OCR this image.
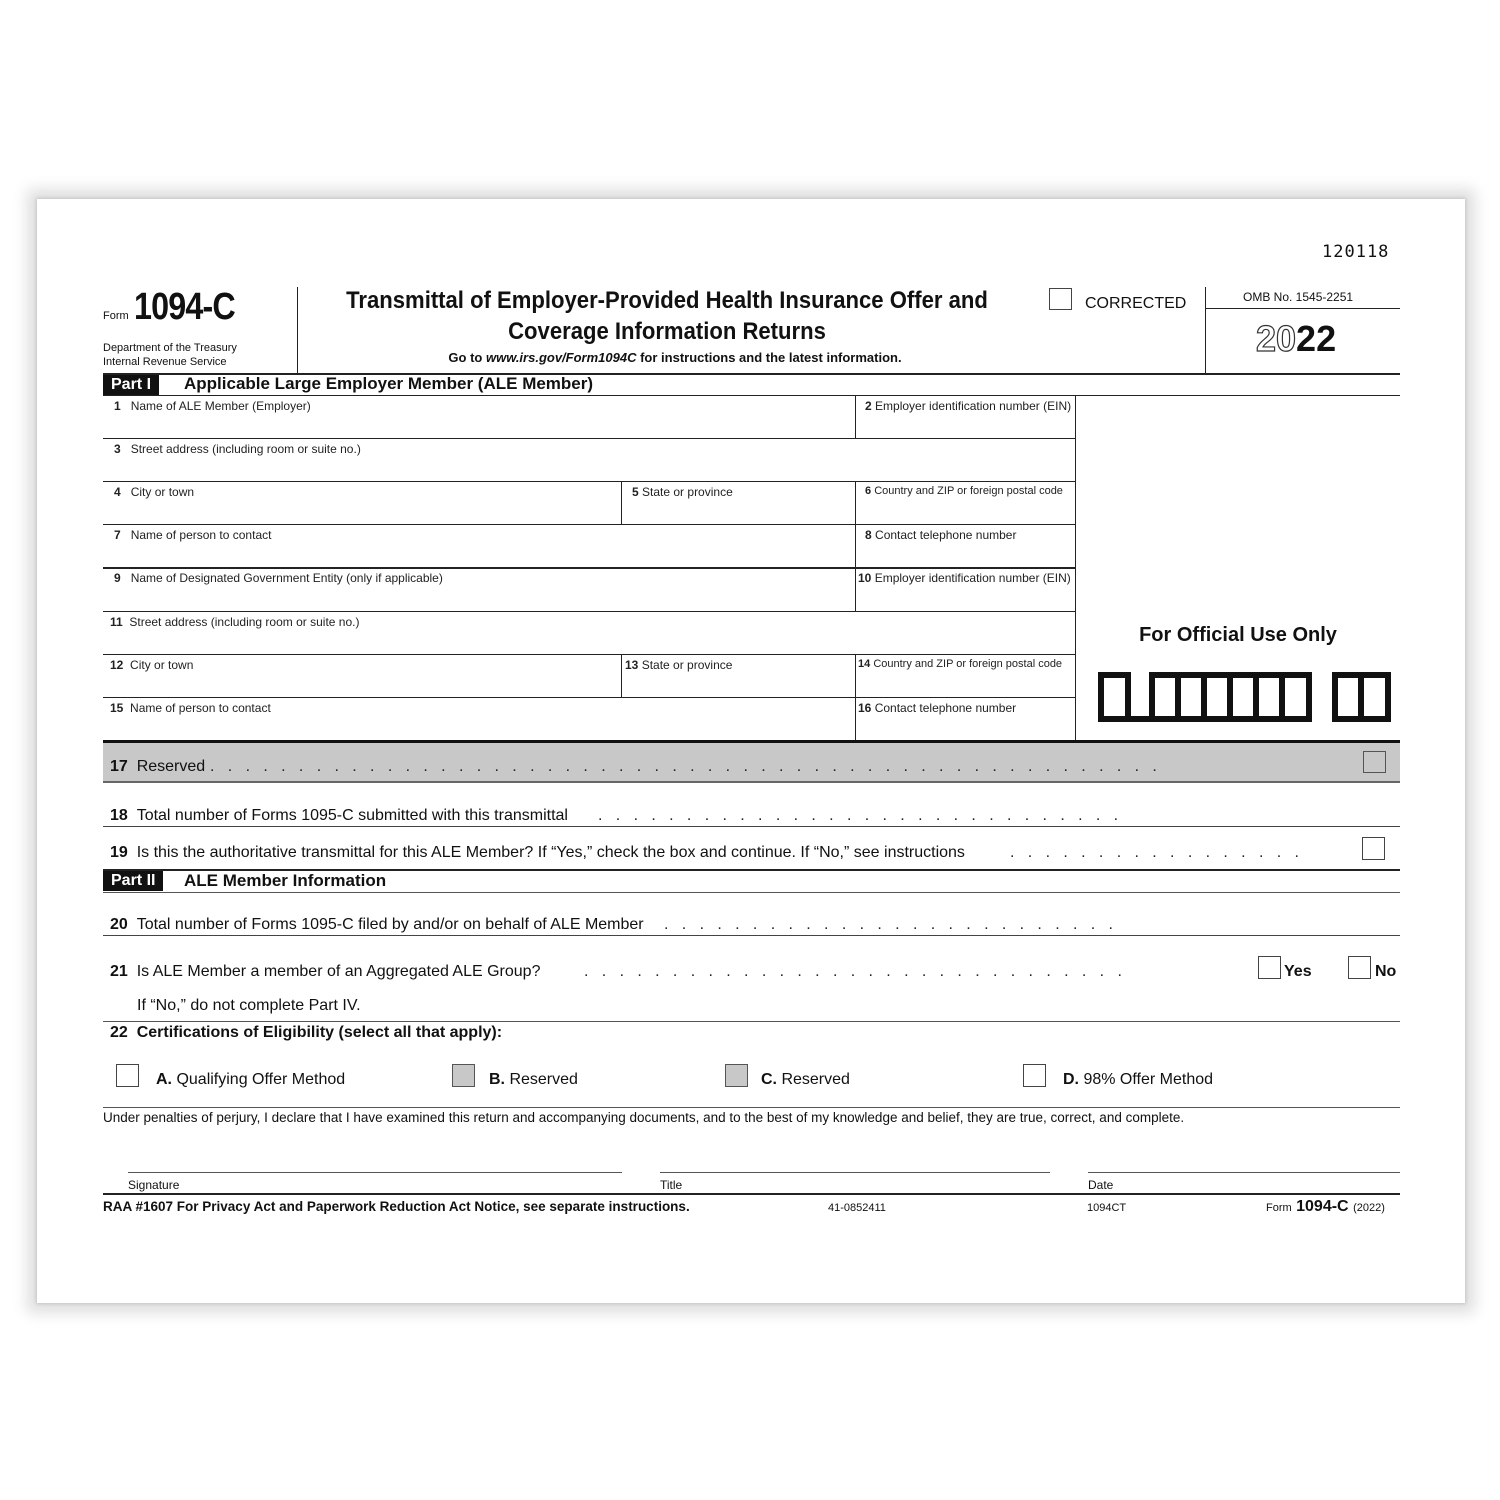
120118
Form 1094-C
Department of the Treasury
Internal Revenue Service
Transmittal of Employer-Provided Health Insurance Offer and
Coverage Information Returns
Go to www.irs.gov/Form1094C for instructions and the latest information.
CORRECTED	OMB No. 1545-2251
2022
Part I	Applicable Large Employer Member (ALE Member)
1 Name of ALE Member (Employer)	2 Employer identification number (EIN)
3 Street address (including room or suite no.)
4 City or town	5 State or province	6 Country and ZIP or foreign postal code
7 Name of person to contact	8 Contact telephone number
9 Name of Designated Government Entity (only if applicable)	10 Employer identification number (EIN)
11 Street address (including room or suite no.)
12 City or town	13 State or province	14 Country and ZIP or foreign postal code
15 Name of person to contact	16 Contact telephone number
For Official Use Only
17 Reserved .   .   .   .   .   .   .   .   .   .   .   .   .   .   .   .   .   .   .   .   .   .   .   .   .   .   .   .   .   .   .   .   .   .   .   .   .   .   .   .   .   .   .   .   .   .   .   .   .   .   .   .   .   .
18 Total number of Forms 1095-C submitted with this transmittal .   .   .   .   .   .   .   .   .   .   .   .   .   .   .   .   .   .   .   .   .   .   .   .   .   .   .   .   .   .
19 Is this the authoritative transmittal for this ALE Member? If “Yes,” check the box and continue. If “No,” see instructions	.   .   .   .   .   .   .   .   .   .   .   .   .   .   .   .   .
Part II	ALE Member Information
20 Total number of Forms 1095-C filed by and/or on behalf of ALE Member .   .   .   .   .   .   .   .   .   .   .   .   .   .   .   .   .   .   .   .   .   .   .   .   .   .
21 Is ALE Member a member of an Aggregated ALE Group?	.   .   .   .   .   .   .   .   .   .   .   .   .   .   .   .   .   .   .   .   .   .   .   .   .   .   .   .   .   .   .	Yes	No
If “No,” do not complete Part IV.
22 Certifications of Eligibility (select all that apply):
A. Qualifying Offer Method	B. Reserved	C. Reserved	D. 98% Offer Method
Under penalties of perjury, I declare that I have examined this return and accompanying documents, and to the best of my knowledge and belief, they are true, correct, and complete.
Signature	Title	Date
RAA #1607 For Privacy Act and Paperwork Reduction Act Notice, see separate instructions.	41-0852411	1094CT	Form 1094-C (2022)
